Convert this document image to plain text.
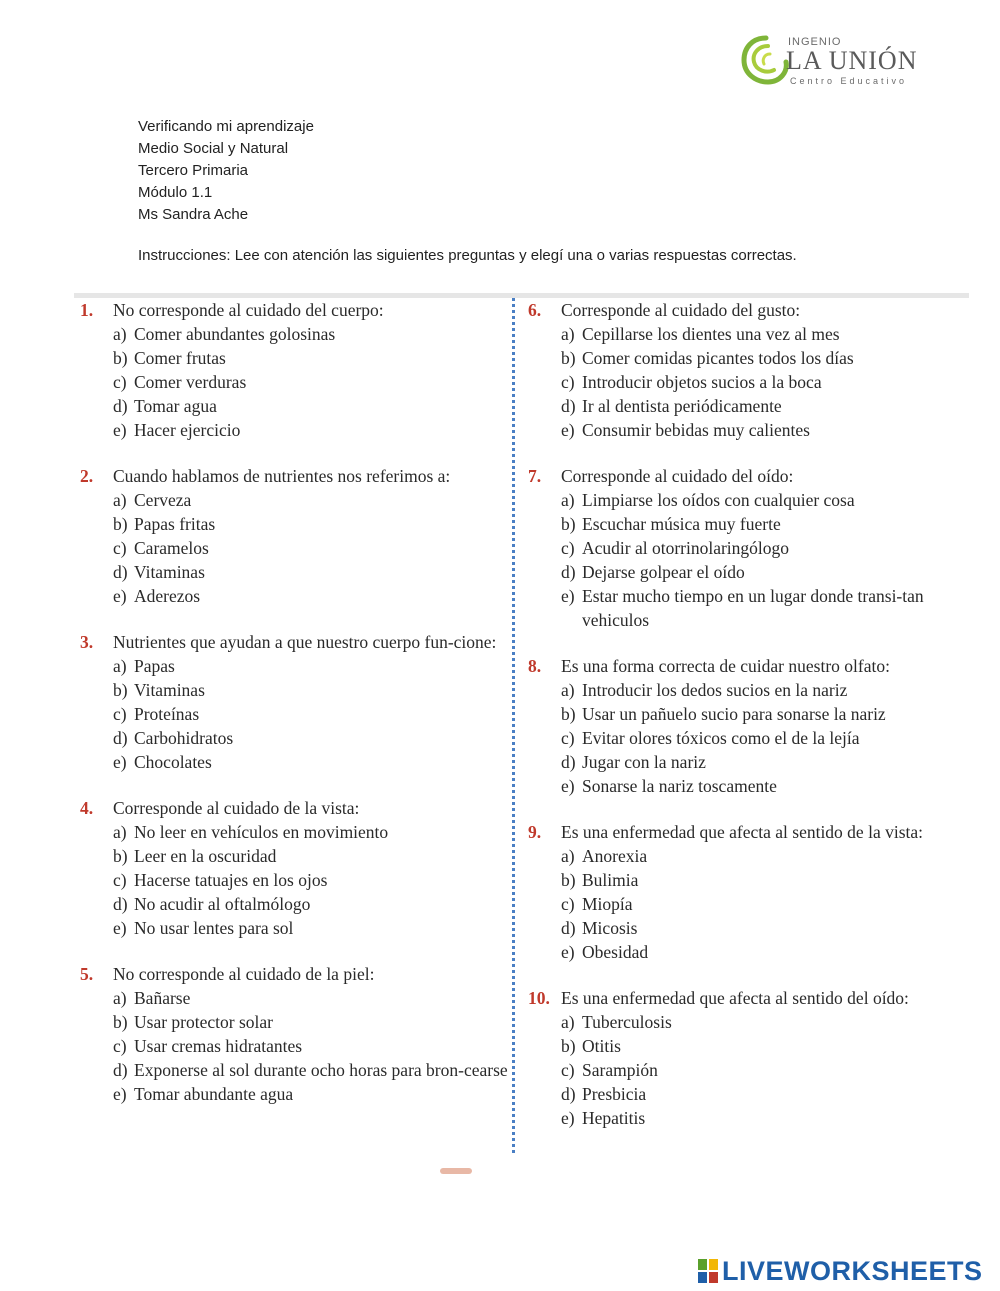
INGENIO
LA UNIÓN
Centro Educativo
Verificando mi aprendizaje
Medio Social y Natural
Tercero Primaria
Módulo 1.1
Ms Sandra Ache
Instrucciones: Lee con atención las siguientes preguntas y elegí una o varias respuestas correctas.
1.	No corresponde al cuidado del cuerpo:
a) Comer abundantes golosinas
b) Comer frutas
c) Comer verduras
d) Tomar agua
e) Hacer ejercicio
2.	Cuando hablamos de nutrientes nos referimos a:
a) Cerveza
b) Papas fritas
c) Caramelos
d) Vitaminas
e) Aderezos
3.	Nutrientes que ayudan a que nuestro cuerpo fun-cione:
a) Papas
b) Vitaminas
c) Proteínas
d) Carbohidratos
e) Chocolates
4.	Corresponde al cuidado de la vista:
a) No leer en vehículos en movimiento
b) Leer en la oscuridad
c) Hacerse tatuajes en los ojos
d) No acudir al oftalmólogo
e) No usar lentes para sol
5.	No corresponde al cuidado de la piel:
a) Bañarse
b) Usar protector solar
c) Usar cremas hidratantes
d) Exponerse al sol durante ocho horas para bron-cearse
e) Tomar abundante agua
6.	Corresponde al cuidado del gusto:
a) Cepillarse los dientes una vez al mes
b) Comer comidas picantes todos los días
c) Introducir objetos sucios a la boca
d) Ir al dentista periódicamente
e) Consumir bebidas muy calientes
7.	Corresponde al cuidado del oído:
a) Limpiarse los oídos con cualquier cosa
b) Escuchar música muy fuerte
c) Acudir al otorrinolaringólogo
d) Dejarse golpear el oído
e) Estar mucho tiempo en un lugar donde transi-tan vehiculos
8.	Es una forma correcta de cuidar nuestro olfato:
a) Introducir los dedos sucios en la nariz
b) Usar un pañuelo sucio para sonarse la nariz
c) Evitar olores tóxicos como el de la lejía
d) Jugar con la nariz
e) Sonarse la nariz toscamente
9.	Es una enfermedad que afecta al sentido de la vista:
a) Anorexia
b) Bulimia
c) Miopía
d) Micosis
e) Obesidad
10. Es una enfermedad que afecta al sentido del oído:
a) Tuberculosis
b) Otitis
c) Sarampión
d) Presbicia
e) Hepatitis
LIVEWORKSHEETS
